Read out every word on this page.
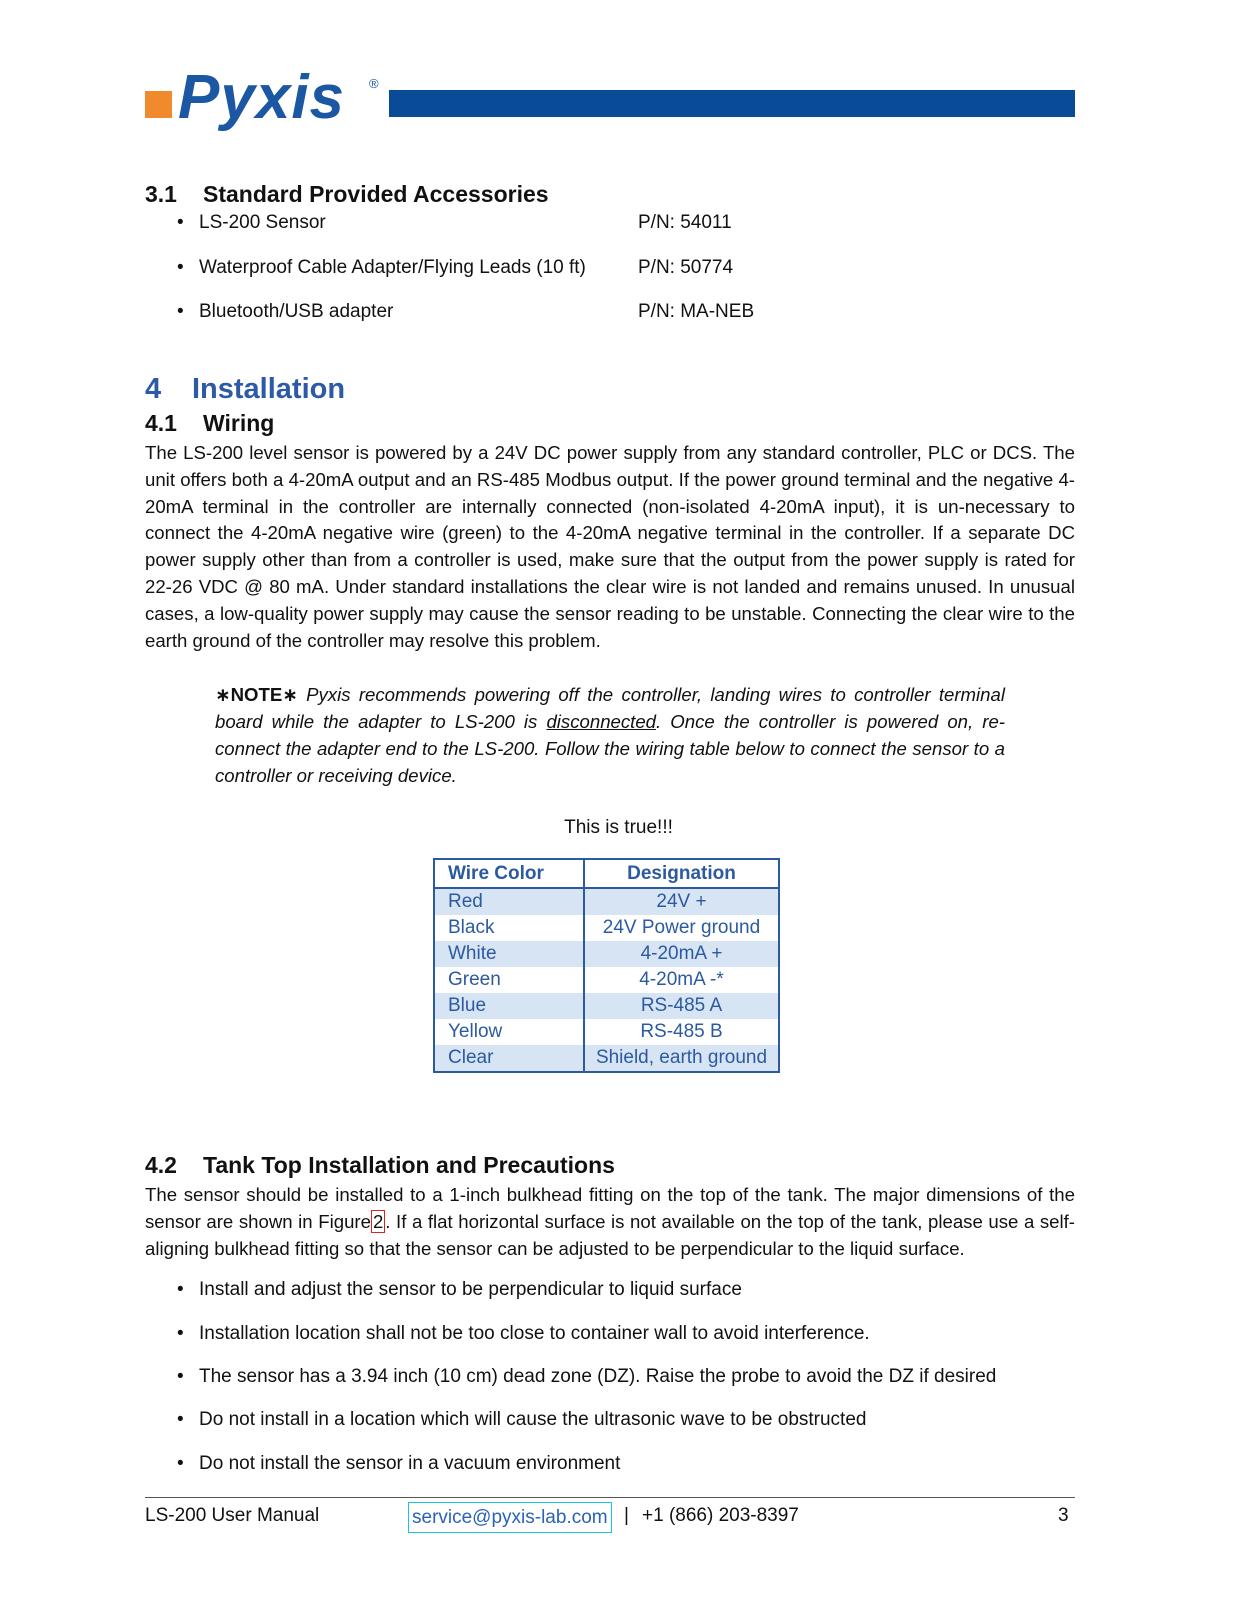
Pyxis ®
3.1 Standard Provided Accessories
• LS-200 Sensor	P/N: 54011
• Waterproof Cable Adapter/Flying Leads (10 ft)	P/N: 50774
• Bluetooth/USB adapter	P/N: MA-NEB
4 Installation
4.1 Wiring
The LS-200 level sensor is powered by a 24V DC power supply from any standard controller, PLC or DCS. The unit offers both a 4-20mA output and an RS-485 Modbus output. If the power ground terminal and the negative 4-20mA terminal in the controller are internally connected (non-isolated 4-20mA input), it is un-necessary to connect the 4-20mA negative wire (green) to the 4-20mA negative terminal in the controller. If a separate DC power supply other than from a controller is used, make sure that the output from the power supply is rated for 22-26 VDC @ 80 mA. Under standard installations the clear wire is not landed and remains unused. In unusual cases, a low-quality power supply may cause the sensor reading to be unstable. Connecting the clear wire to the earth ground of the controller may resolve this problem.
∗NOTE∗ Pyxis recommends powering off the controller, landing wires to controller terminal board while the adapter to LS-200 is disconnected. Once the controller is powered on, re-connect the adapter end to the LS-200. Follow the wiring table below to connect the sensor to a controller or receiving device.
This is true!!!
Wire Color	Designation
Red	24V +
Black	24V Power ground
White	4-20mA +
Green	4-20mA -*
Blue	RS-485 A
Yellow	RS-485 B
Clear	Shield, earth ground
4.2 Tank Top Installation and Precautions
The sensor should be installed to a 1-inch bulkhead fitting on the top of the tank. The major dimensions of the sensor are shown in Figure 2 . If a flat horizontal surface is not available on the top of the tank, please use a self-aligning bulkhead fitting so that the sensor can be adjusted to be perpendicular to the liquid surface.
• Install and adjust the sensor to be perpendicular to liquid surface
• Installation location shall not be too close to container wall to avoid interference.
• The sensor has a 3.94 inch (10 cm) dead zone (DZ). Raise the probe to avoid the DZ if desired
• Do not install in a location which will cause the ultrasonic wave to be obstructed
• Do not install the sensor in a vacuum environment
LS-200 User Manual	service@pyxis-lab.com | +1 (866) 203-8397	3
